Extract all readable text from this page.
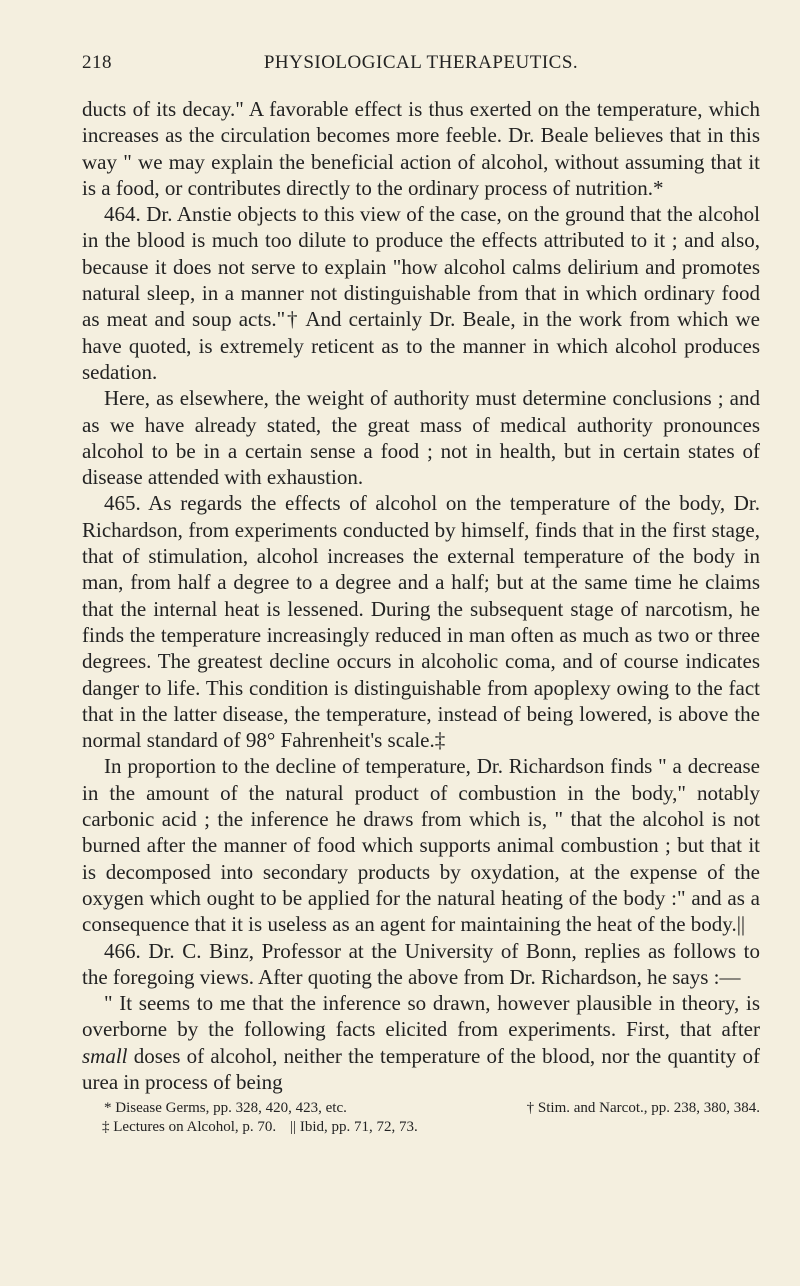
218	PHYSIOLOGICAL THERAPEUTICS.

ducts of its decay." A favorable effect is thus exerted on the temperature, which increases as the circulation becomes more feeble. Dr. Beale believes that in this way " we may explain the beneficial action of alcohol, without assuming that it is a food, or contributes directly to the ordinary process of nutrition.*

464. Dr. Anstie objects to this view of the case, on the ground that the alcohol in the blood is much too dilute to produce the effects attributed to it ; and also, because it does not serve to explain "how alcohol calms delirium and promotes natural sleep, in a manner not distinguishable from that in which ordinary food as meat and soup acts."† And certainly Dr. Beale, in the work from which we have quoted, is extremely reticent as to the manner in which alcohol produces sedation.

Here, as elsewhere, the weight of authority must determine conclusions ; and as we have already stated, the great mass of medical authority pronounces alcohol to be in a certain sense a food ; not in health, but in certain states of disease attended with exhaustion.

465. As regards the effects of alcohol on the temperature of the body, Dr. Richardson, from experiments conducted by himself, finds that in the first stage, that of stimulation, alcohol increases the external temperature of the body in man, from half a degree to a degree and a half; but at the same time he claims that the internal heat is lessened. During the subsequent stage of narcotism, he finds the temperature increasingly reduced in man often as much as two or three degrees. The greatest decline occurs in alcoholic coma, and of course indicates danger to life. This condition is distinguishable from apoplexy owing to the fact that in the latter disease, the temperature, instead of being lowered, is above the normal standard of 98° Fahrenheit's scale.‡

In proportion to the decline of temperature, Dr. Richardson finds " a decrease in the amount of the natural product of combustion in the body," notably carbonic acid ; the inference he draws from which is, " that the alcohol is not burned after the manner of food which supports animal combustion ; but that it is decomposed into secondary products by oxydation, at the expense of the oxygen which ought to be applied for the natural heating of the body :" and as a consequence that it is useless as an agent for maintaining the heat of the body.||

466. Dr. C. Binz, Professor at the University of Bonn, replies as follows to the foregoing views. After quoting the above from Dr. Richardson, he says :—

" It seems to me that the inference so drawn, however plausible in theory, is overborne by the following facts elicited from experiments. First, that after small doses of alcohol, neither the temperature of the blood, nor the quantity of urea in process of being

* Disease Germs, pp. 328, 420, 423, etc.	† Stim. and Narcot., pp. 238, 380, 384.
‡ Lectures on Alcohol, p. 70. || Ibid, pp. 71, 72, 73.
